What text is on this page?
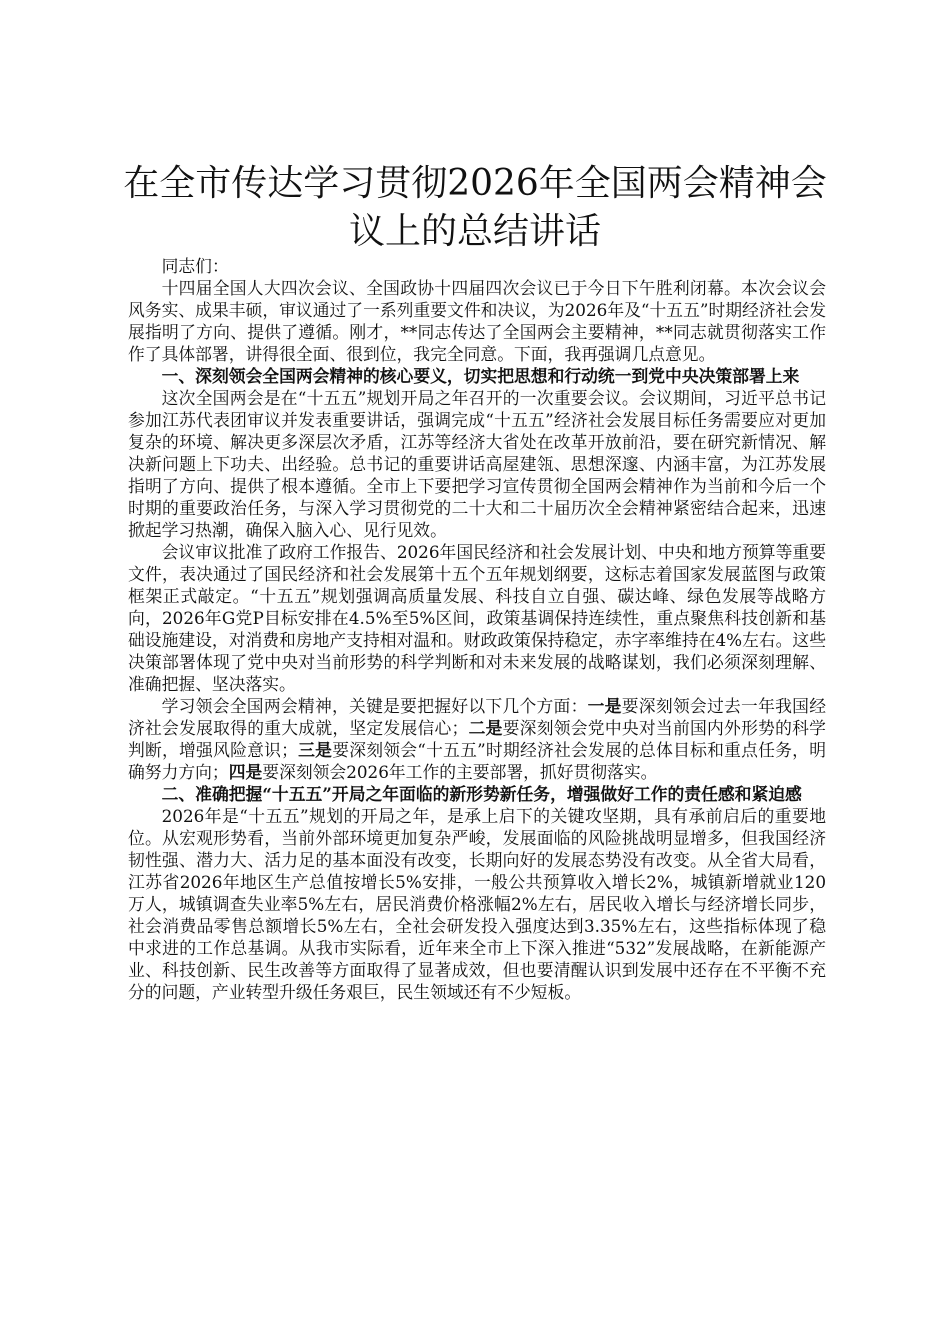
在全市传达学习贯彻2026年全国两会精神会
议上的总结讲话

同志们：

十四届全国人大四次会议、全国政协十四届四次会议已于今日下午胜利闭幕。本次会议会风务实、成果丰硕，审议通过了一系列重要文件和决议，为2026年及“十五五”时期经济社会发展指明了方向、提供了遵循。刚才，**同志传达了全国两会主要精神，**同志就贯彻落实工作作了具体部署，讲得很全面、很到位，我完全同意。下面，我再强调几点意见。

一、深刻领会全国两会精神的核心要义，切实把思想和行动统一到党中央决策部署上来

这次全国两会是在“十五五”规划开局之年召开的一次重要会议。会议期间，习近平总书记参加江苏代表团审议并发表重要讲话，强调完成“十五五”经济社会发展目标任务需要应对更加复杂的环境、解决更多深层次矛盾，江苏等经济大省处在改革开放前沿，要在研究新情况、解决新问题上下功夫、出经验。总书记的重要讲话高屋建瓴、思想深邃、内涵丰富，为江苏发展指明了方向、提供了根本遵循。全市上下要把学习宣传贯彻全国两会精神作为当前和今后一个时期的重要政治任务，与深入学习贯彻党的二十大和二十届历次全会精神紧密结合起来，迅速掀起学习热潮，确保入脑入心、见行见效。

会议审议批准了政府工作报告、2026年国民经济和社会发展计划、中央和地方预算等重要文件，表决通过了国民经济和社会发展第十五个五年规划纲要，这标志着国家发展蓝图与政策框架正式敲定。“十五五”规划强调高质量发展、科技自立自强、碳达峰、绿色发展等战略方向，2026年G党P目标安排在4.5%至5%区间，政策基调保持连续性，重点聚焦科技创新和基础设施建设，对消费和房地产支持相对温和。财政政策保持稳定，赤字率维持在4%左右。这些决策部署体现了党中央对当前形势的科学判断和对未来发展的战略谋划，我们必须深刻理解、准确把握、坚决落实。

学习领会全国两会精神，关键是要把握好以下几个方面：一是要深刻领会过去一年我国经济社会发展取得的重大成就，坚定发展信心；二是要深刻领会党中央对当前国内外形势的科学判断，增强风险意识；三是要深刻领会“十五五”时期经济社会发展的总体目标和重点任务，明确努力方向；四是要深刻领会2026年工作的主要部署，抓好贯彻落实。

二、准确把握“十五五”开局之年面临的新形势新任务，增强做好工作的责任感和紧迫感

2026年是“十五五”规划的开局之年，是承上启下的关键攻坚期，具有承前启后的重要地位。从宏观形势看，当前外部环境更加复杂严峻，发展面临的风险挑战明显增多，但我国经济韧性强、潜力大、活力足的基本面没有改变，长期向好的发展态势没有改变。从全省大局看，江苏省2026年地区生产总值按增长5%安排，一般公共预算收入增长2%，城镇新增就业120万人，城镇调查失业率5%左右，居民消费价格涨幅2%左右，居民收入增长与经济增长同步，社会消费品零售总额增长5%左右，全社会研发投入强度达到3.35%左右，这些指标体现了稳中求进的工作总基调。从我市实际看，近年来全市上下深入推进“532”发展战略，在新能源产业、科技创新、民生改善等方面取得了显著成效，但也要清醒认识到发展中还存在不平衡不充分的问题，产业转型升级任务艰巨，民生领域还有不少短板。
